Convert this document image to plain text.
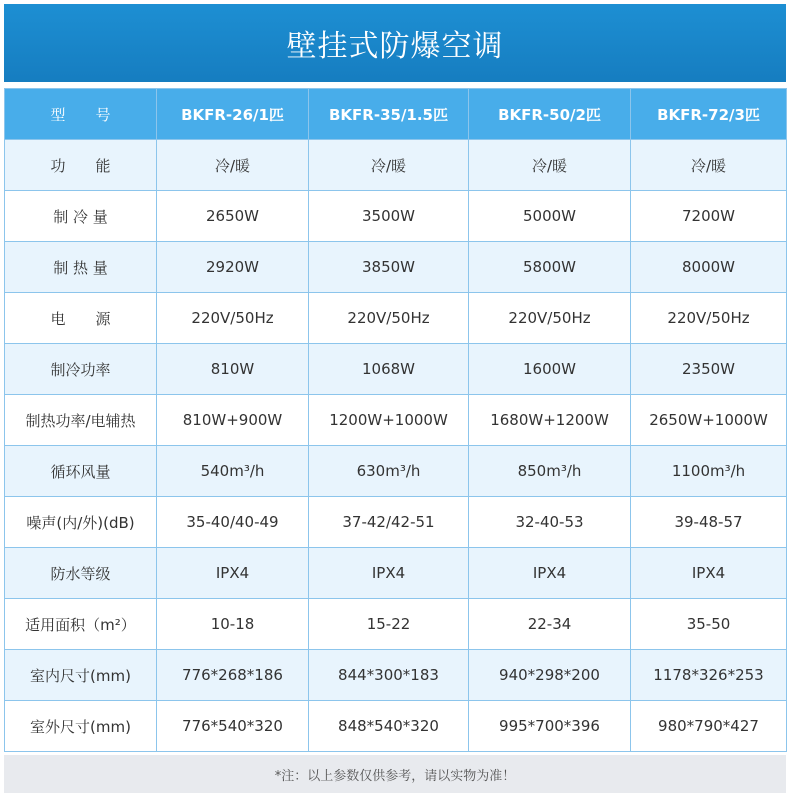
壁挂式防爆空调
型　　号	BKFR-26/1匹	BKFR-35/1.5匹	BKFR-50/2匹	BKFR-72/3匹
功　　能	冷/暖	冷/暖	冷/暖	冷/暖
制 冷 量	2650W	3500W	5000W	7200W
制 热 量	2920W	3850W	5800W	8000W
电　　源	220V/50Hz	220V/50Hz	220V/50Hz	220V/50Hz
制冷功率	810W	1068W	1600W	2350W
制热功率/电辅热	810W+900W	1200W+1000W	1680W+1200W	2650W+1000W
循环风量	540m³/h	630m³/h	850m³/h	1100m³/h
噪声(内/外)(dB)	35-40/40-49	37-42/42-51	32-40-53	39-48-57
防水等级	IPX4	IPX4	IPX4	IPX4
适用面积（m²）	10-18	15-22	22-34	35-50
室内尺寸(mm)	776*268*186	844*300*183	940*298*200	1178*326*253
室外尺寸(mm)	776*540*320	848*540*320	995*700*396	980*790*427
*注：以上参数仅供参考，请以实物为准！
